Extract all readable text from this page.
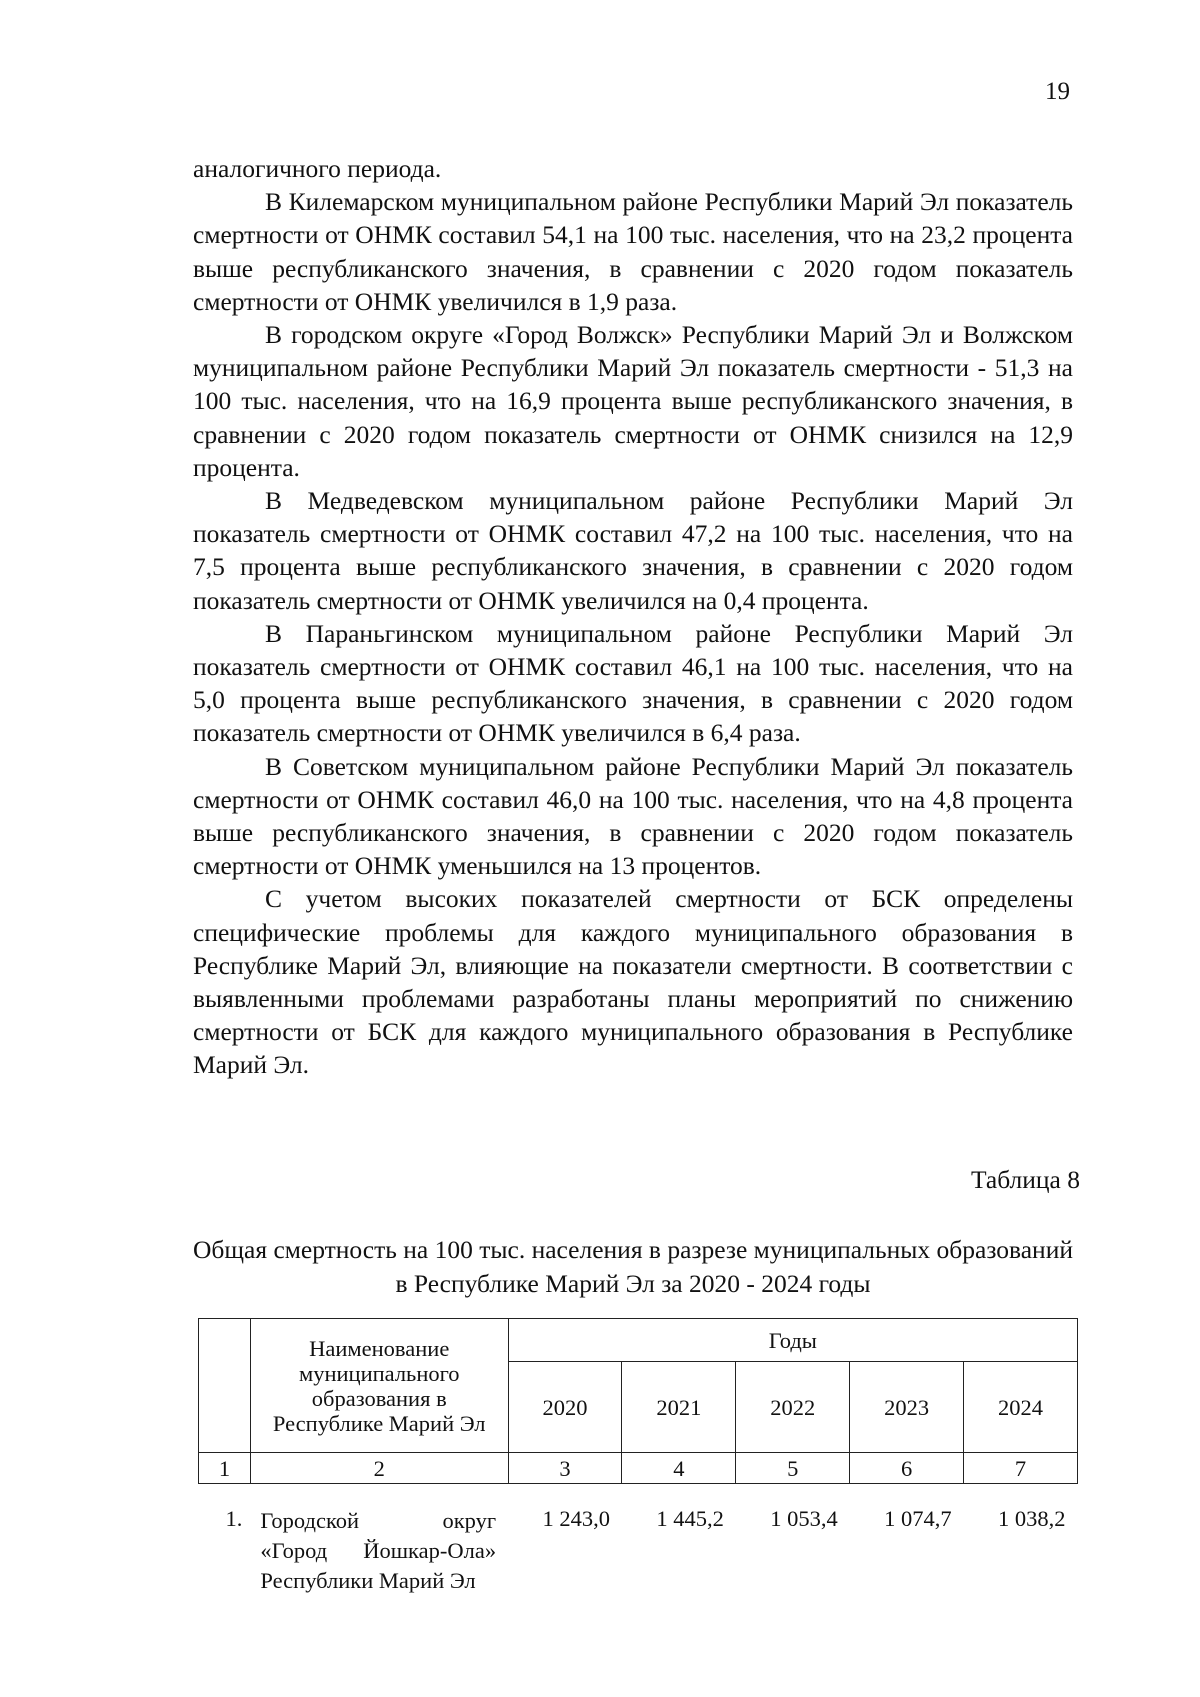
19

аналогичного периода.

В Килемарском муниципальном районе Республики Марий Эл показатель смертности от ОНМК составил 54,1 на 100 тыс. населения, что на 23,2 процента выше республиканского значения, в сравнении с 2020 годом показатель смертности от ОНМК увеличился в 1,9 раза.

В городском округе «Город Волжск» Республики Марий Эл и Волжском муниципальном районе Республики Марий Эл показатель смертности - 51,3 на 100 тыс. населения, что на 16,9 процента выше республиканского значения, в сравнении с 2020 годом показатель смертности от ОНМК снизился на 12,9 процента.

В Медведевском муниципальном районе Республики Марий Эл показатель смертности от ОНМК составил 47,2 на 100 тыс. населения, что на 7,5 процента выше республиканского значения, в сравнении с 2020 годом показатель смертности от ОНМК увеличился на 0,4 процента.

В Параньгинском муниципальном районе Республики Марий Эл показатель смертности от ОНМК составил 46,1 на 100 тыс. населения, что на 5,0 процента выше республиканского значения, в сравнении с 2020 годом показатель смертности от ОНМК увеличился в 6,4 раза.

В Советском муниципальном районе Республики Марий Эл показатель смертности от ОНМК составил 46,0 на 100 тыс. населения, что на 4,8 процента выше республиканского значения, в сравнении с 2020 годом показатель смертности от ОНМК уменьшился на 13 процентов.

С учетом высоких показателей смертности от БСК определены специфические проблемы для каждого муниципального образования в Республике Марий Эл, влияющие на показатели смертности. В соответствии с выявленными проблемами разработаны планы мероприятий по снижению смертности от БСК для каждого муниципального образования в Республике Марий Эл.

Таблица 8
Общая смертность на 100 тыс. населения в разрезе муниципальных образований в Республике Марий Эл за 2020 - 2024 годы
	Наименование муниципального образования в Республике Марий Эл	Годы				
		2020	2021	2022	2023	2024
1	2	3	4	5	6	7
1.	Городской округ
«Город Йошкар-Ола»
Республики Марий Эл	1 243,0	1 445,2	1 053,4	1 074,7	1 038,2
